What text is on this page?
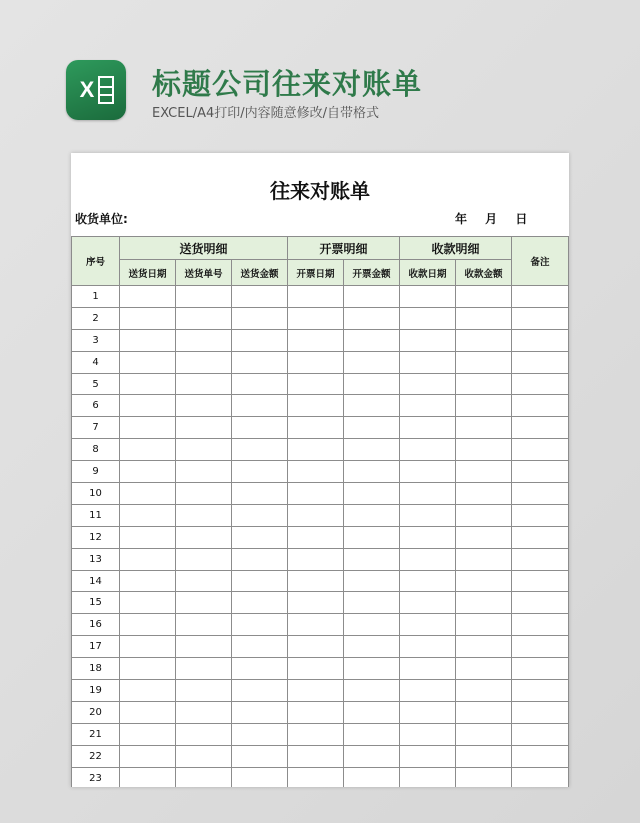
X 标题公司往来对账单
EXCEL/A4打印/内容随意修改/自带格式
往来对账单
收货单位:	年 月 日
序号	送货明细			开票明细		收款明细		备注
	送货日期	送货单号	送货金额	开票日期	开票金额	收款日期	收款金额	
1								
2								
3								
4								
5								
6								
7								
8								
9								
10								
11								
12								
13								
14								
15								
16								
17								
18								
19								
20								
21								
22								
23								
